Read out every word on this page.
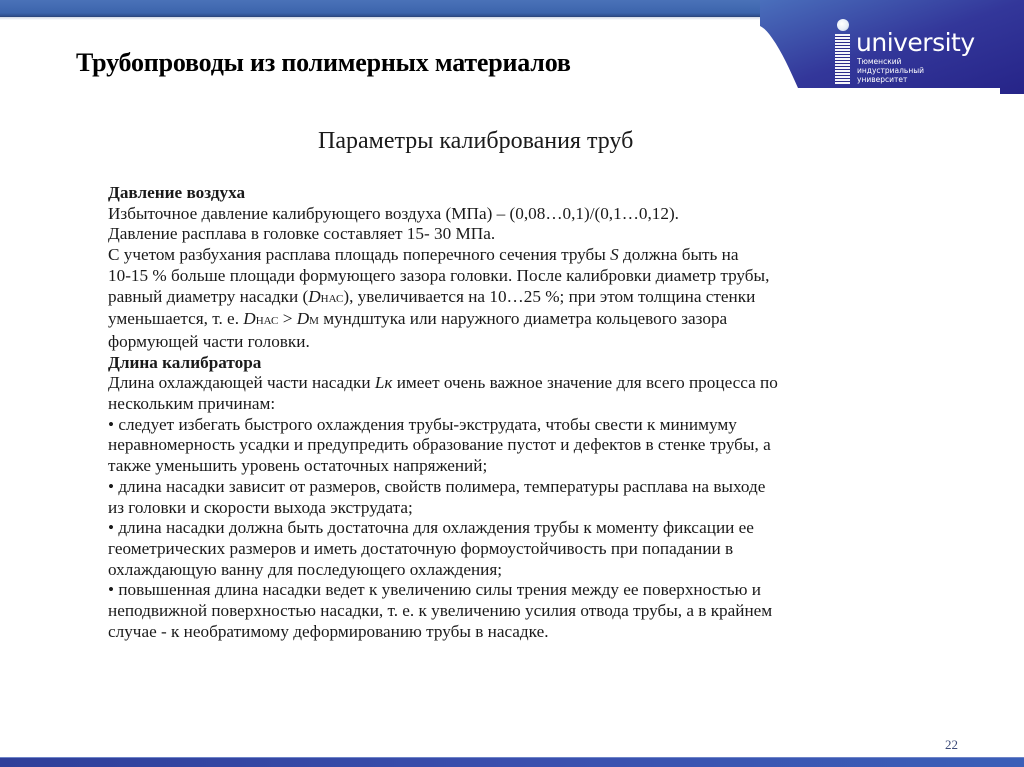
university
Тюменский
индустриальный
университет
Трубопроводы из полимерных материалов
Параметры калибрования труб
Давление воздуха
Избыточное давление калибрующего воздуха (МПа) – (0,08…0,1)/(0,1…0,12).
Давление расплава в головке составляет 15- 30 МПа.
С учетом разбухания расплава площадь поперечного сечения трубы S должна быть на
10-15 % больше площади формующего зазора головки. После калибровки диаметр трубы,
равный диаметру насадки (DНАС), увеличивается на 10…25 %; при этом толщина стенки
уменьшается, т. е. DНАС > DМ мундштука или наружного диаметра кольцевого зазора
формующей части головки.
Длина калибратора
Длина охлаждающей части насадки Lк имеет очень важное значение для всего процесса по
нескольким причинам:
• следует избегать быстрого охлаждения трубы-экструдата, чтобы свести к минимуму
неравномерность усадки и предупредить образование пустот и дефектов в стенке трубы, а
также уменьшить уровень остаточных напряжений;
• длина насадки зависит от размеров, свойств полимера, температуры расплава на выходе
из головки и скорости выхода экструдата;
• длина насадки должна быть достаточна для охлаждения трубы к моменту фиксации ее
геометрических размеров и иметь достаточную формоустойчивость при попадании в
охлаждающую ванну для последующего охлаждения;
• повышенная длина насадки ведет к увеличению силы трения между ее поверхностью и
неподвижной поверхностью насадки, т. е. к увеличению усилия отвода трубы, а в крайнем
случае - к необратимому деформированию трубы в насадке.
22
